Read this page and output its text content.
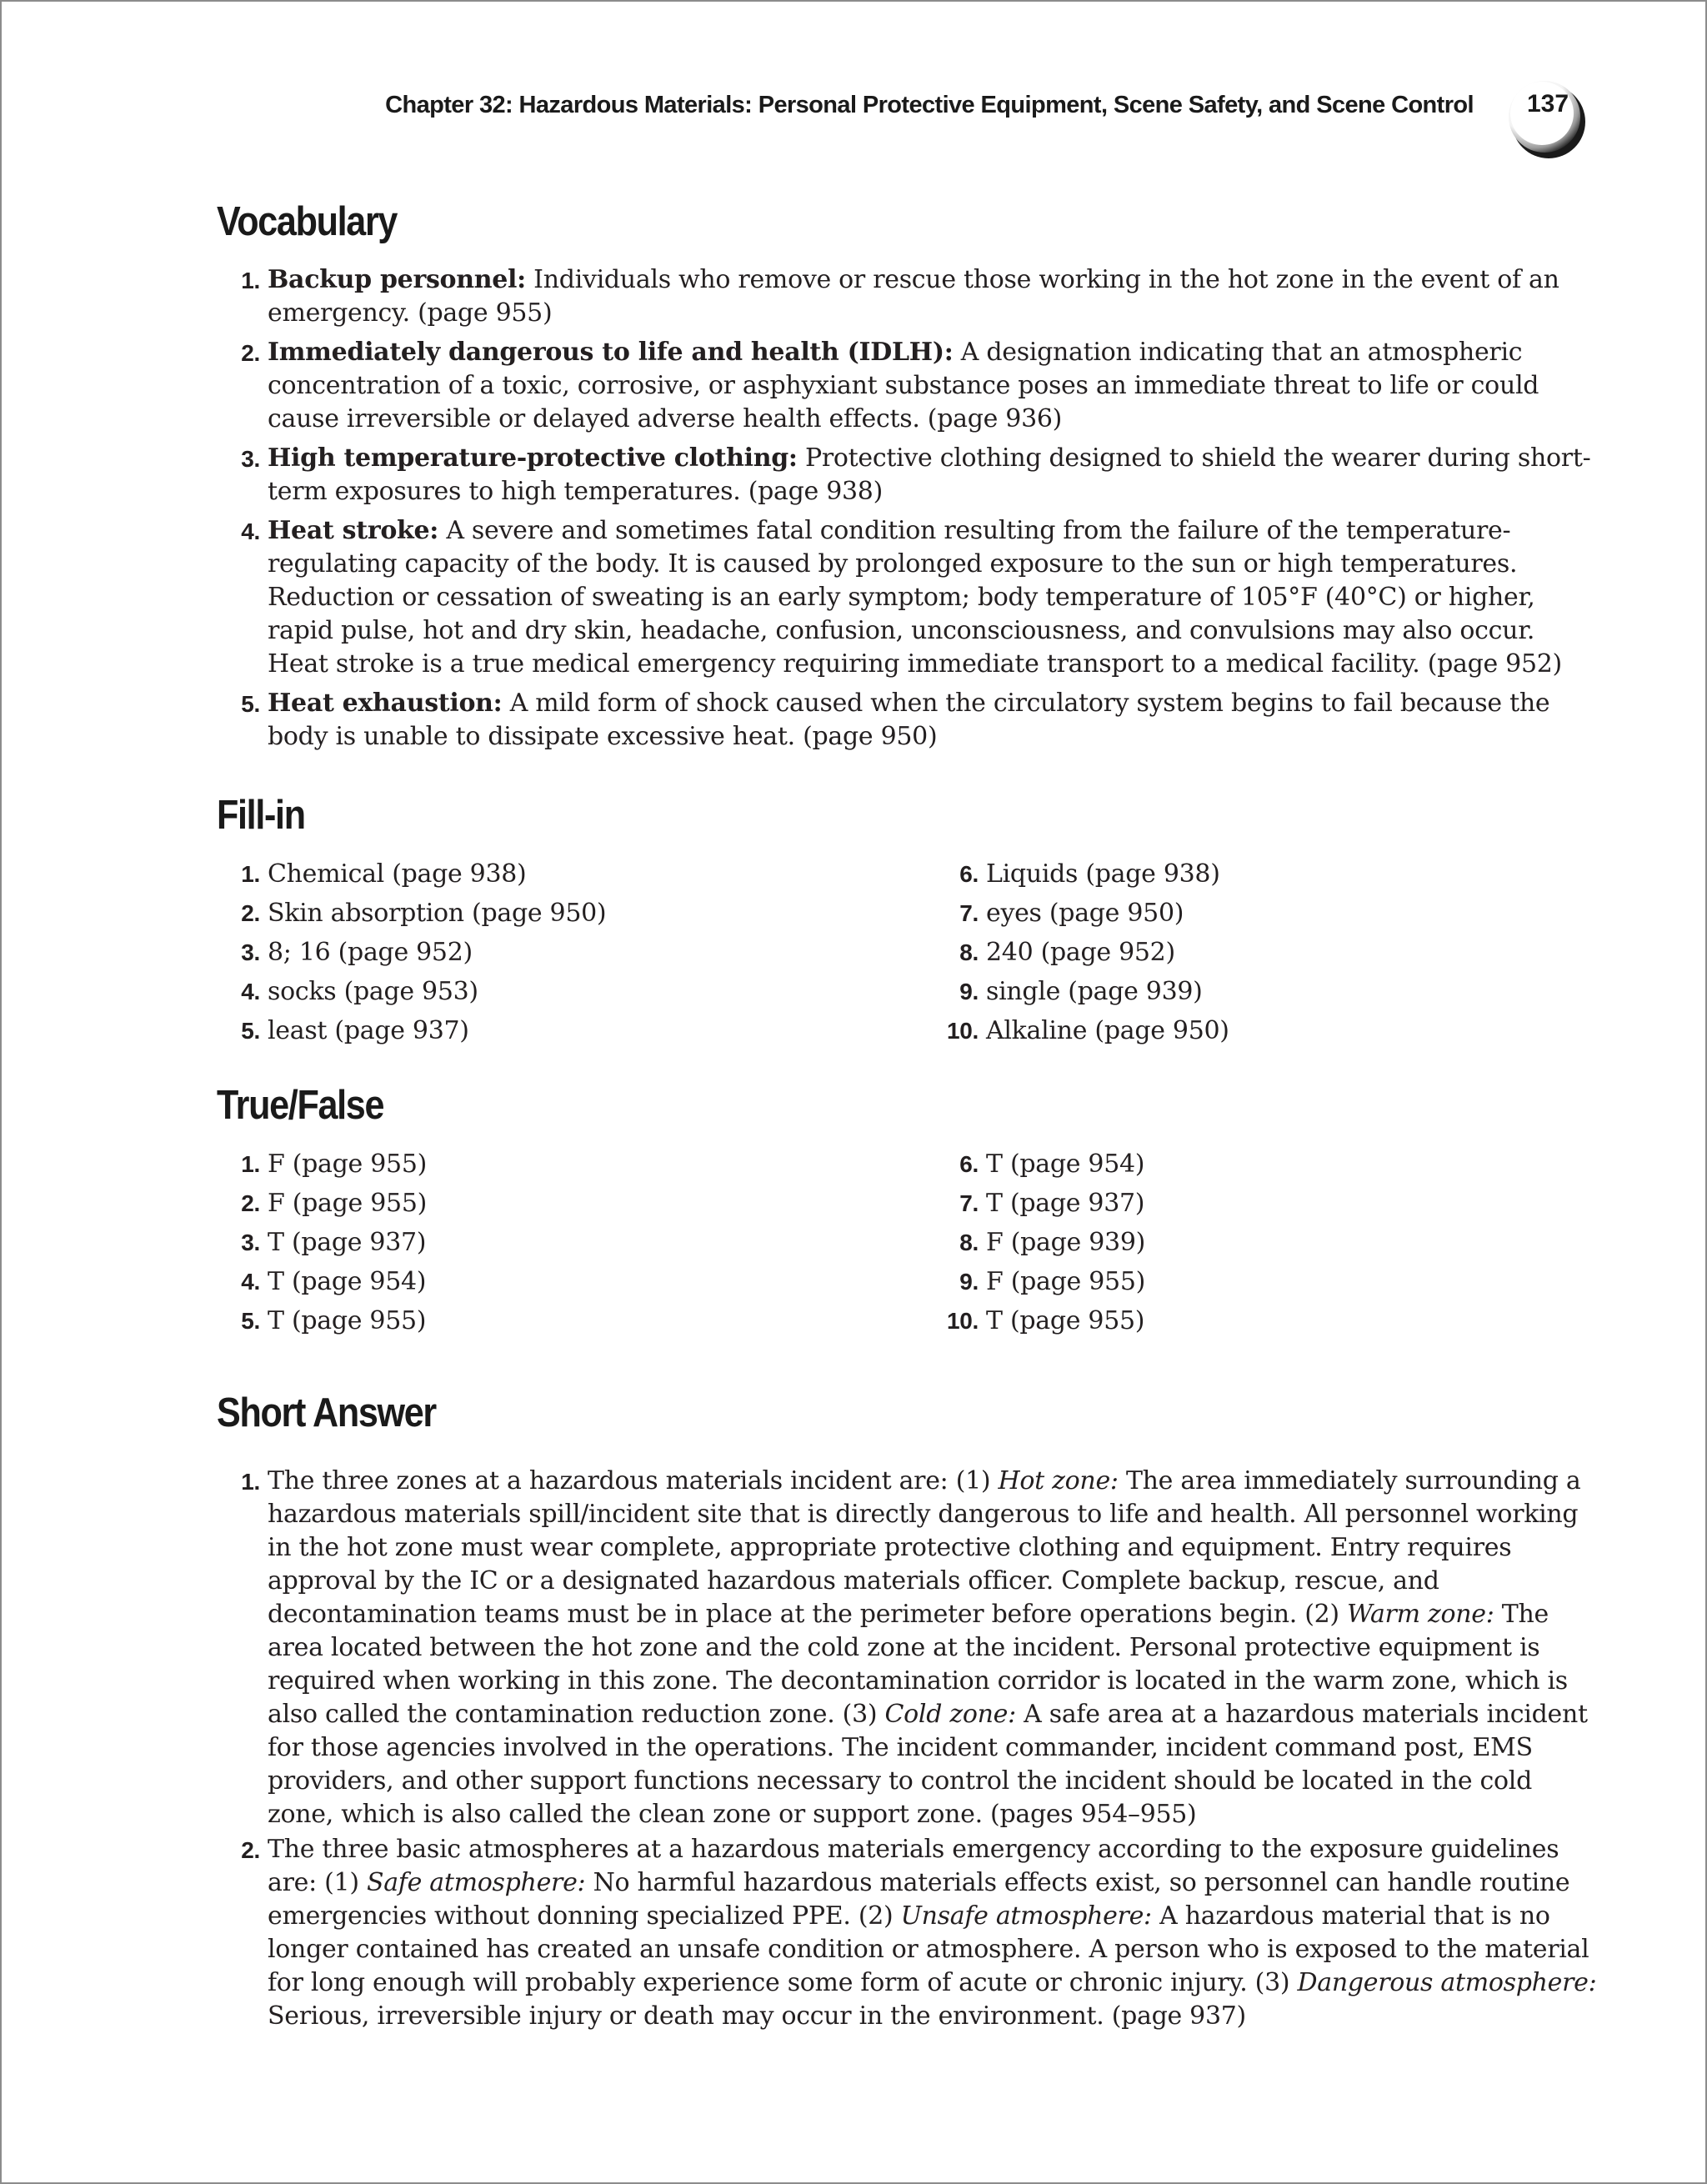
Chapter 32: Hazardous Materials: Personal Protective Equipment, Scene Safety, and Scene Control	137
Vocabulary
1. Backup personnel: Individuals who remove or rescue those working in the hot zone in the event of an emergency. (page 955)
2. Immediately dangerous to life and health (IDLH): A designation indicating that an atmospheric concentration of a toxic, corrosive, or asphyxiant substance poses an immediate threat to life or could cause irreversible or delayed adverse health effects. (page 936)
3. High temperature-protective clothing: Protective clothing designed to shield the wearer during short-term exposures to high temperatures. (page 938)
4. Heat stroke: A severe and sometimes fatal condition resulting from the failure of the temperature-regulating capacity of the body. It is caused by prolonged exposure to the sun or high temperatures. Reduction or cessation of sweating is an early symptom; body temperature of 105°F (40°C) or higher, rapid pulse, hot and dry skin, headache, confusion, unconsciousness, and convulsions may also occur. Heat stroke is a true medical emergency requiring immediate transport to a medical facility. (page 952)
5. Heat exhaustion: A mild form of shock caused when the circulatory system begins to fail because the body is unable to dissipate excessive heat. (page 950)
Fill-in
1. Chemical (page 938)
2. Skin absorption (page 950)
3. 8; 16 (page 952)
4. socks (page 953)
5. least (page 937)
6. Liquids (page 938)
7. eyes (page 950)
8. 240 (page 952)
9. single (page 939)
10. Alkaline (page 950)
True/False
1. F (page 955)
2. F (page 955)
3. T (page 937)
4. T (page 954)
5. T (page 955)
6. T (page 954)
7. T (page 937)
8. F (page 939)
9. F (page 955)
10. T (page 955)
Short Answer
1. The three zones at a hazardous materials incident are: (1) Hot zone: The area immediately surrounding a hazardous materials spill/incident site that is directly dangerous to life and health. All personnel working in the hot zone must wear complete, appropriate protective clothing and equipment. Entry requires approval by the IC or a designated hazardous materials officer. Complete backup, rescue, and decontamination teams must be in place at the perimeter before operations begin. (2) Warm zone: The area located between the hot zone and the cold zone at the incident. Personal protective equipment is required when working in this zone. The decontamination corridor is located in the warm zone, which is also called the contamination reduction zone. (3) Cold zone: A safe area at a hazardous materials incident for those agencies involved in the operations. The incident commander, incident command post, EMS providers, and other support functions necessary to control the incident should be located in the cold zone, which is also called the clean zone or support zone. (pages 954–955)

2. The three basic atmospheres at a hazardous materials emergency according to the exposure guidelines are: (1) Safe atmosphere: No harmful hazardous materials effects exist, so personnel can handle routine emergencies without donning specialized PPE. (2) Unsafe atmosphere: A hazardous material that is no longer contained has created an unsafe condition or atmosphere. A person who is exposed to the material for long enough will probably experience some form of acute or chronic injury. (3) Dangerous atmosphere: Serious, irreversible injury or death may occur in the environment. (page 937)
